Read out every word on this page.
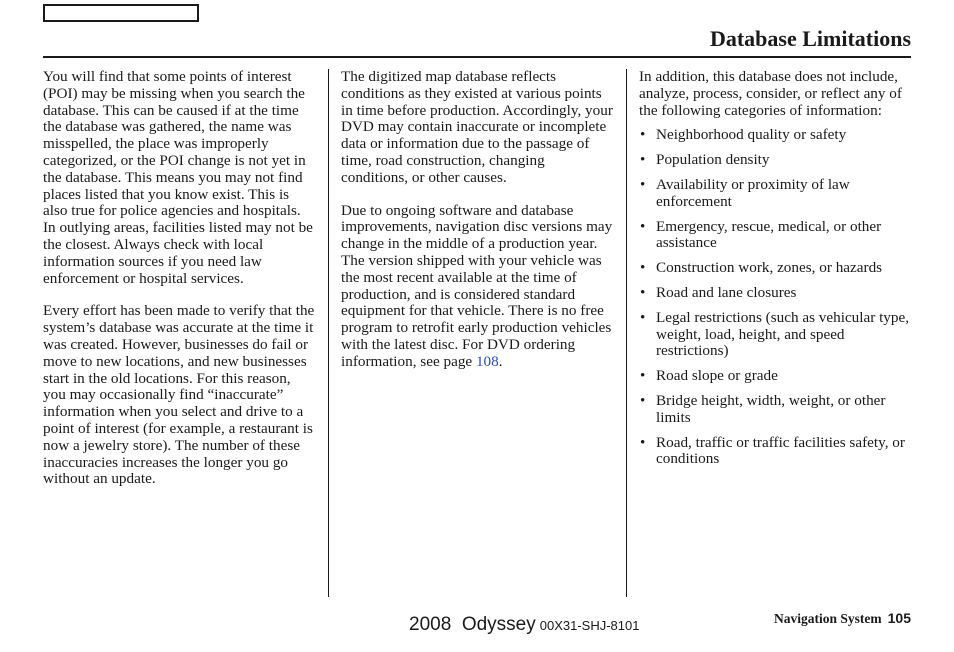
Database Limitations

You will find that some points of interest (POI) may be missing when you search the database. This can be caused if at the time the database was gathered, the name was misspelled, the place was improperly categorized, or the POI change is not yet in the database. This means you may not find places listed that you know exist. This is also true for police agencies and hospitals. In outlying areas, facilities listed may not be the closest. Always check with local information sources if you need law enforcement or hospital services.

Every effort has been made to verify that the system’s database was accurate at the time it was created. However, businesses do fail or move to new locations, and new businesses start in the old locations. For this reason, you may occasionally find “inaccurate” information when you select and drive to a point of interest (for example, a restaurant is now a jewelry store). The number of these inaccuracies increases the longer you go without an update.

The digitized map database reflects conditions as they existed at various points in time before production. Accordingly, your DVD may contain inaccurate or incomplete data or information due to the passage of time, road construction, changing conditions, or other causes.

Due to ongoing software and database improvements, navigation disc versions may change in the middle of a production year. The version shipped with your vehicle was the most recent available at the time of production, and is considered standard equipment for that vehicle. There is no free program to retrofit early production vehicles with the latest disc. For DVD ordering information, see page 108.

In addition, this database does not include, analyze, process, consider, or reflect any of the following categories of information:

• Neighborhood quality or safety
• Population density
• Availability or proximity of law enforcement
• Emergency, rescue, medical, or other assistance
• Construction work, zones, or hazards
• Road and lane closures
• Legal restrictions (such as vehicular type, weight, load, height, and speed restrictions)
• Road slope or grade
• Bridge height, width, weight, or other limits
• Road, traffic or traffic facilities safety, or conditions
2008  Odyssey 00X31-SHJ-8101	Navigation System 105
